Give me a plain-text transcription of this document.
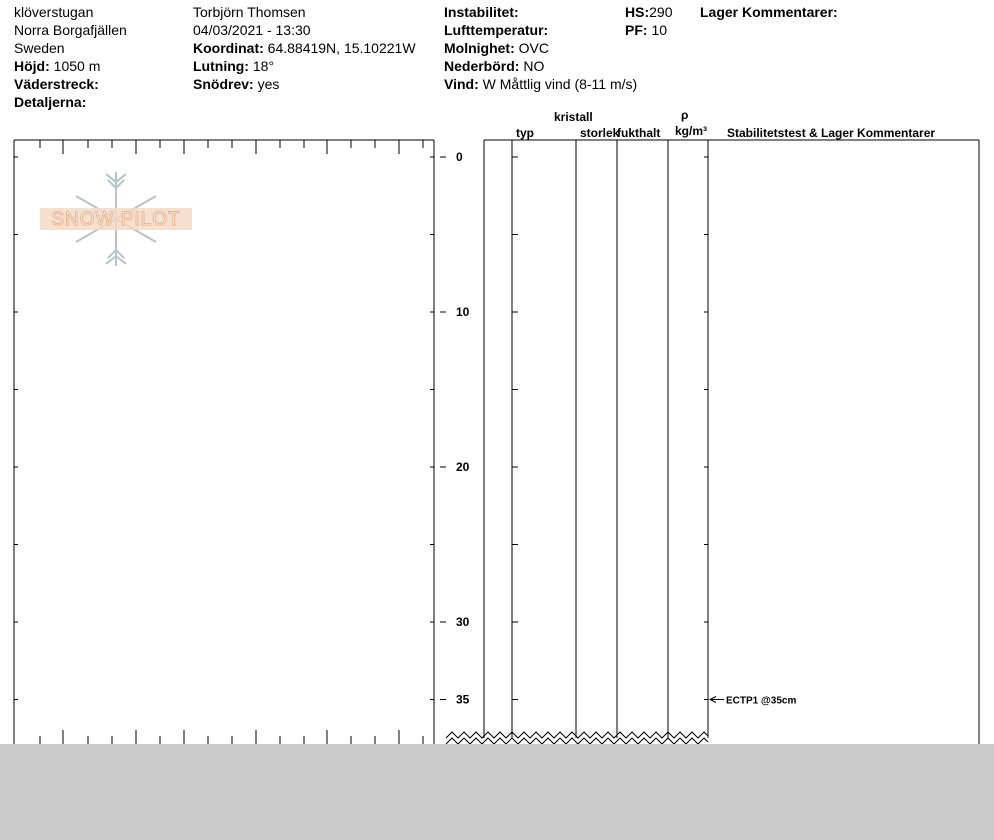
klöverstugan
Norra Borgafjällen
Sweden
Höjd: 1050 m
Väderstreck:
Detaljerna:
Torbjörn Thomsen
04/03/2021 - 13:30
Koordinat: 64.88419N, 15.10221W
Lutning: 18°
Snödrev: yes
Instabilitet:
Lufttemperatur:
Molnighet: OVC
Nederbörd: NO
Vind: W Måttlig vind (8-11 m/s)
HS:290
PF: 10
Lager Kommentarer:
typ
kristall
storlek
fukthalt
ρ
kg/m³ Stabilitetstest & Lager Kommentarer
SNOW PILOT
0
10
20
30
35	ECTP1 @35cm
